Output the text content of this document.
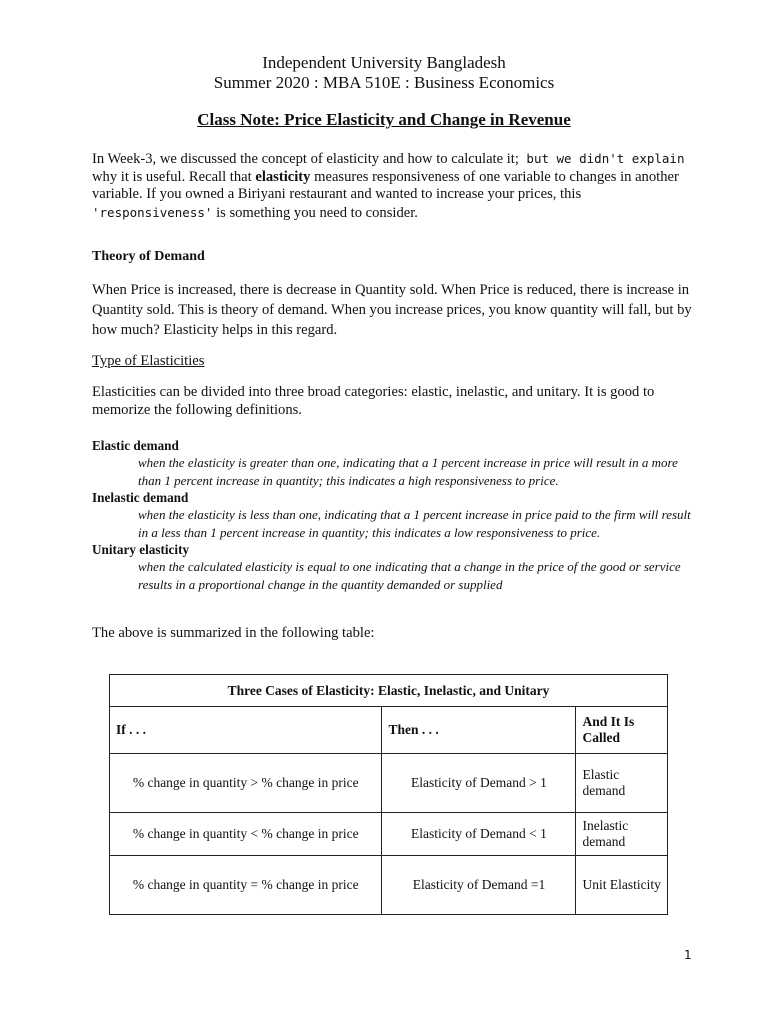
Independent University Bangladesh
Summer 2020 : MBA 510E : Business Economics
Class Note: Price Elasticity and Change in Revenue

In Week-3, we discussed the concept of elasticity and how to calculate it; but we didn't explain why it is useful. Recall that elasticity measures responsiveness of one variable to changes in another variable. If you owned a Biriyani restaurant and wanted to increase your prices, this 'responsiveness' is something you need to consider.

Theory of Demand

When Price is increased, there is decrease in Quantity sold. When Price is reduced, there is increase in Quantity sold. This is theory of demand. When you increase prices, you know quantity will fall, but by how much? Elasticity helps in this regard.

Type of Elasticities

Elasticities can be divided into three broad categories: elastic, inelastic, and unitary. It is good to memorize the following definitions.

Elastic demand
when the elasticity is greater than one, indicating that a 1 percent increase in price will result in a more than 1 percent increase in quantity; this indicates a high responsiveness to price.
Inelastic demand
when the elasticity is less than one, indicating that a 1 percent increase in price paid to the firm will result in a less than 1 percent increase in quantity; this indicates a low responsiveness to price.
Unitary elasticity
when the calculated elasticity is equal to one indicating that a change in the price of the good or service results in a proportional change in the quantity demanded or supplied

The above is summarized in the following table:

Three Cases of Elasticity: Elastic, Inelastic, and Unitary		
If . . .	Then . . .	And It Is Called
% change in quantity > % change in price	Elasticity of Demand > 1	Elastic demand
% change in quantity < % change in price	Elasticity of Demand < 1	Inelastic demand
% change in quantity = % change in price	Elasticity of Demand =1	Unit Elasticity
1
